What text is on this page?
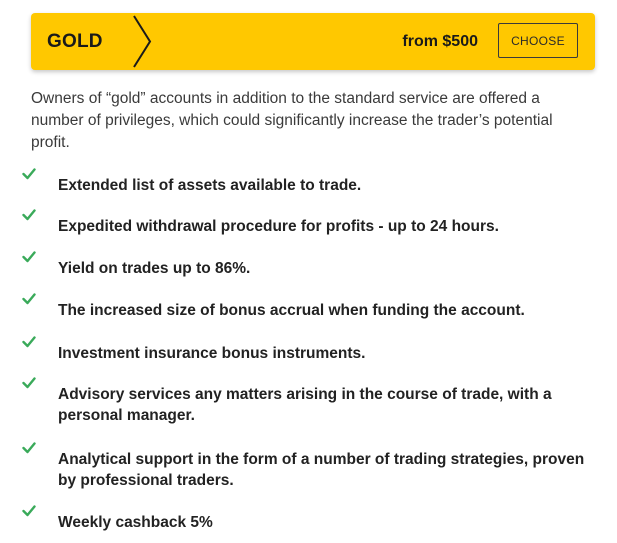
GOLD	from $500	CHOOSE

Owners of “gold” accounts in addition to the standard service are offered a number of privileges, which could significantly increase the trader’s potential profit.

Extended list of assets available to trade.
Expedited withdrawal procedure for profits - up to 24 hours.
Yield on trades up to 86%.
The increased size of bonus accrual when funding the account.
Investment insurance bonus instruments.
Advisory services any matters arising in the course of trade, with a personal manager.
Analytical support in the form of a number of trading strategies, proven by professional traders.
Weekly cashback 5%
